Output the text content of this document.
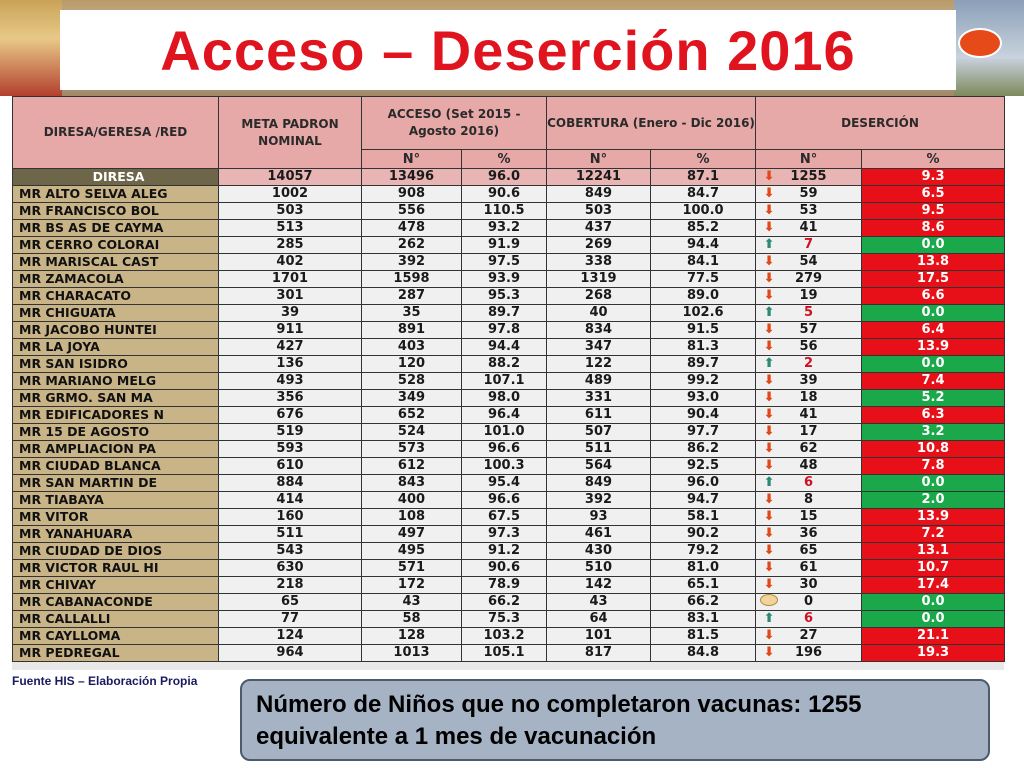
Acceso – Deserción 2016
DIRESA/GERESA /RED	META PADRON NOMINAL	ACCESO (Set 2015 - Agosto 2016)		COBERTURA (Enero - Dic 2016)		DESERCIÓN	
		N°	%	N°	%	N°	%
DIRESA	14057	13496	96.0	12241	87.1	⬇ 1255	9.3
MR ALTO SELVA ALEG	1002	908	90.6	849	84.7	⬇ 59	6.5
MR FRANCISCO BOL	503	556	110.5	503	100.0	⬇ 53	9.5
MR BS AS DE CAYMA	513	478	93.2	437	85.2	⬇ 41	8.6
MR CERRO COLORAI	285	262	91.9	269	94.4	⬆ 7	0.0
MR MARISCAL CAST	402	392	97.5	338	84.1	⬇ 54	13.8
MR ZAMACOLA	1701	1598	93.9	1319	77.5	⬇ 279	17.5
MR CHARACATO	301	287	95.3	268	89.0	⬇ 19	6.6
MR CHIGUATA	39	35	89.7	40	102.6	⬆ 5	0.0
MR JACOBO HUNTEI	911	891	97.8	834	91.5	⬇ 57	6.4
MR LA JOYA	427	403	94.4	347	81.3	⬇ 56	13.9
MR SAN ISIDRO	136	120	88.2	122	89.7	⬆ 2	0.0
MR MARIANO MELG	493	528	107.1	489	99.2	⬇ 39	7.4
MR GRMO. SAN MA	356	349	98.0	331	93.0	⬇ 18	5.2
MR EDIFICADORES N	676	652	96.4	611	90.4	⬇ 41	6.3
MR 15 DE AGOSTO	519	524	101.0	507	97.7	⬇ 17	3.2
MR AMPLIACION PA	593	573	96.6	511	86.2	⬇ 62	10.8
MR CIUDAD BLANCA	610	612	100.3	564	92.5	⬇ 48	7.8
MR SAN MARTIN DE	884	843	95.4	849	96.0	⬆ 6	0.0
MR TIABAYA	414	400	96.6	392	94.7	⬇ 8	2.0
MR VITOR	160	108	67.5	93	58.1	⬇ 15	13.9
MR YANAHUARA	511	497	97.3	461	90.2	⬇ 36	7.2
MR CIUDAD DE DIOS	543	495	91.2	430	79.2	⬇ 65	13.1
MR VICTOR RAUL HI	630	571	90.6	510	81.0	⬇ 61	10.7
MR CHIVAY	218	172	78.9	142	65.1	⬇ 30	17.4
MR CABANACONDE	65	43	66.2	43	66.2	0	0.0
MR CALLALLI	77	58	75.3	64	83.1	⬆ 6	0.0
MR CAYLLOMA	124	128	103.2	101	81.5	⬇ 27	21.1
MR PEDREGAL	964	1013	105.1	817	84.8	⬇ 196	19.3
Fuente HIS – Elaboración Propia
Número de Niños que no completaron vacunas: 1255 equivalente a 1 mes de vacunación
